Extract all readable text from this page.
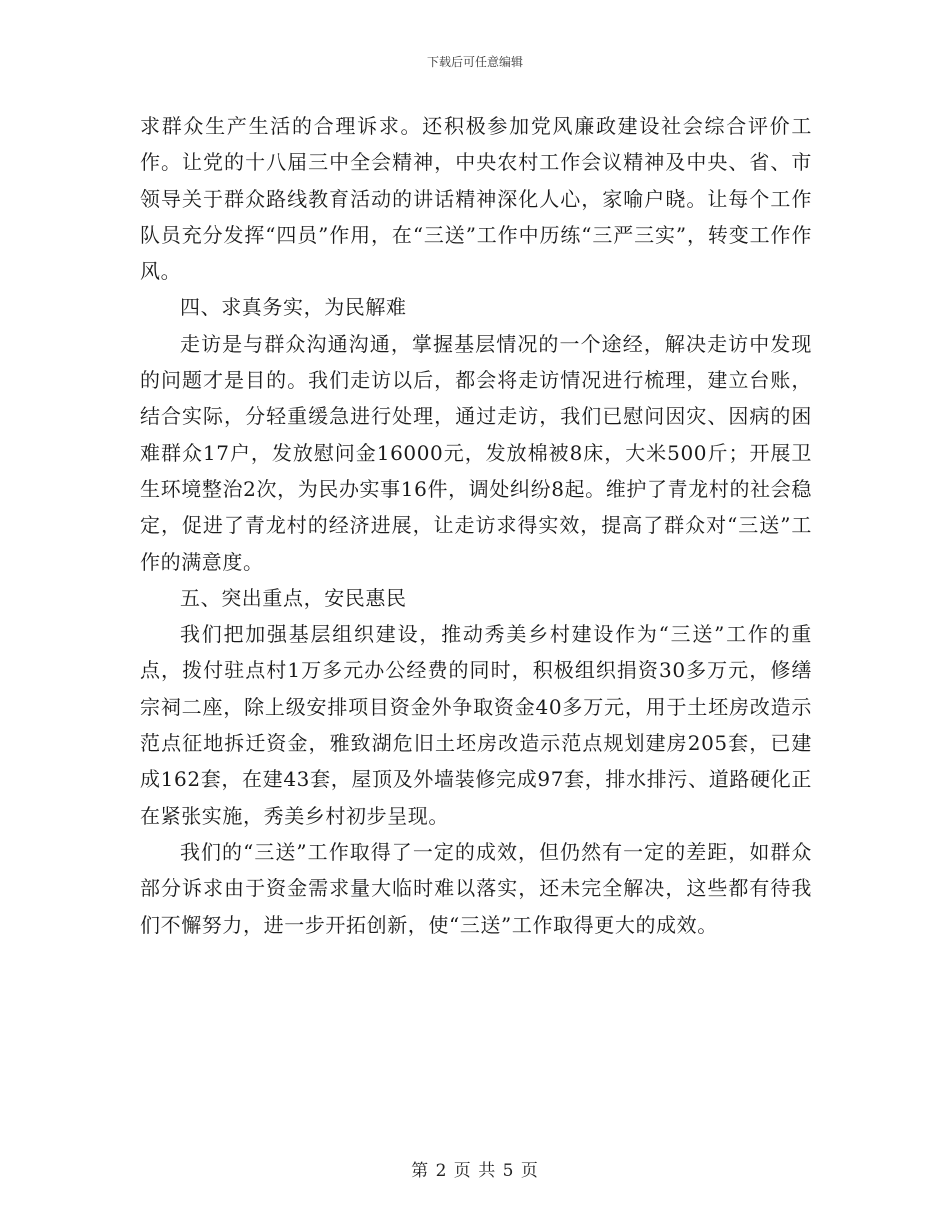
下载后可任意编辑

求群众生产生活的合理诉求。还积极参加党风廉政建设社会综合评价工作。让党的十八届三中全会精神，中央农村工作会议精神及中央、省、市领导关于群众路线教育活动的讲话精神深化人心，家喻户晓。让每个工作队员充分发挥“四员”作用，在“三送”工作中历练“三严三实”，转变工作作风。

四、求真务实，为民解难

走访是与群众沟通沟通，掌握基层情况的一个途经，解决走访中发现的问题才是目的。我们走访以后，都会将走访情况进行梳理，建立台账，结合实际，分轻重缓急进行处理，通过走访，我们已慰问因灾、因病的困难群众17户，发放慰问金16000元，发放棉被8床，大米500斤；开展卫生环境整治2次，为民办实事16件，调处纠纷8起。维护了青龙村的社会稳定，促进了青龙村的经济进展，让走访求得实效，提高了群众对“三送”工作的满意度。

五、突出重点，安民惠民

我们把加强基层组织建设，推动秀美乡村建设作为“三送”工作的重点，拨付驻点村1万多元办公经费的同时，积极组织捐资30多万元，修缮宗祠二座，除上级安排项目资金外争取资金40多万元，用于土坯房改造示范点征地拆迁资金，雅致湖危旧土坯房改造示范点规划建房205套，已建成162套，在建43套，屋顶及外墙装修完成97套，排水排污、道路硬化正在紧张实施，秀美乡村初步呈现。

我们的“三送”工作取得了一定的成效，但仍然有一定的差距，如群众部分诉求由于资金需求量大临时难以落实，还未完全解决，这些都有待我们不懈努力，进一步开拓创新，使“三送”工作取得更大的成效。

第 2 页 共 5 页
